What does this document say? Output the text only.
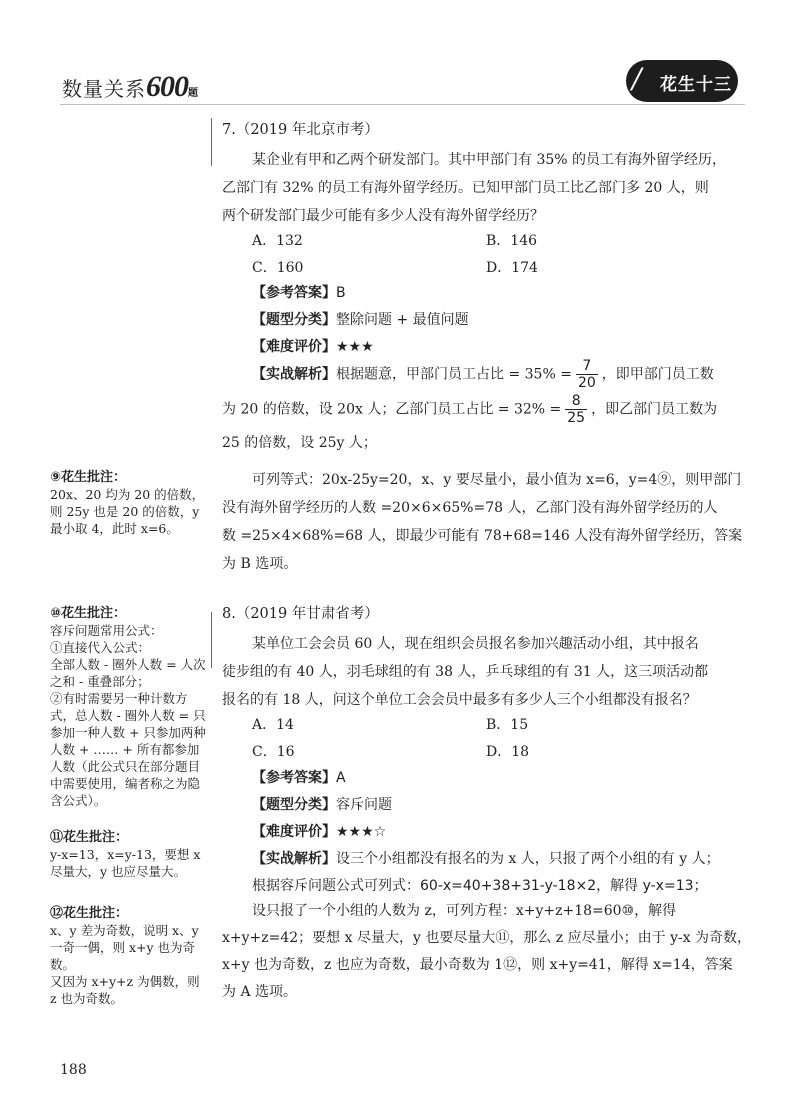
数量关系600题	/ 花生十三
7.（2019 年北京市考）
某企业有甲和乙两个研发部门。其中甲部门有 35% 的员工有海外留学经历，
乙部门有 32% 的员工有海外留学经历。已知甲部门员工比乙部门多 20 人，则
两个研发部门最少可能有多少人没有海外留学经历？
A．132	B．146
C．160	D．174
【参考答案】B
【题型分类】整除问题 + 最值问题
【难度评价】★★★
【实战解析】根据题意，甲部门员工占比 = $35\% = \frac{7}{20}$ ，即甲部门员工数
为 20 的倍数，设 20x 人；乙部门员工占比 = $32\% = \frac{8}{25}$ ，即乙部门员工数为
25 的倍数，设 25y 人；
可列等式：20x-25y=20，x、y 要尽量小，最小值为 x=6，y=4⑨，则甲部门
没有海外留学经历的人数 =20×6×65%=78 人，乙部门没有海外留学经历的人
数 =25×4×68%=68 人，即最少可能有 78+68=146 人没有海外留学经历，答案
为 B 选项。
8.（2019 年甘肃省考）
某单位工会会员 60 人，现在组织会员报名参加兴趣活动小组，其中报名
徒步组的有 40 人，羽毛球组的有 38 人，乒乓球组的有 31 人，这三项活动都
报名的有 18 人，问这个单位工会会员中最多有多少人三个小组都没有报名？
A．14	B．15
C．16	D．18
【参考答案】A
【题型分类】容斥问题
【难度评价】★★★☆
【实战解析】设三个小组都没有报名的为 x 人，只报了两个小组的有 y 人；
根据容斥问题公式可列式：60-x=40+38+31-y-18×2，解得 y-x=13；
设只报了一个小组的人数为 z，可列方程：x+y+z+18=60⑩，解得
x+y+z=42；要想 x 尽量大，y 也要尽量大⑪，那么 z 应尽量小；由于 y-x 为奇数，
x+y 也为奇数，z 也应为奇数，最小奇数为 1⑫，则 x+y=41，解得 x=14，答案
为 A 选项。
⑨花生批注：
20x、20 均为 20 的倍数，则 25y 也是 20 的倍数，y 最小取 4，此时 x=6。
⑩花生批注：
容斥问题常用公式：
①直接代入公式：
全部人数 - 圈外人数 = 人次之和 - 重叠部分；
②有时需要另一种计数方式，总人数 - 圈外人数 = 只参加一种人数 + 只参加两种人数 + …… + 所有都参加人数（此公式只在部分题目中需要使用，编者称之为隐含公式）。
⑪花生批注：
y-x=13，x=y-13，要想 x 尽量大，y 也应尽量大。
⑫花生批注：
x、y 差为奇数，说明 x、y 一奇一偶，则 x+y 也为奇数。
又因为 x+y+z 为偶数，则 z 也为奇数。
188
